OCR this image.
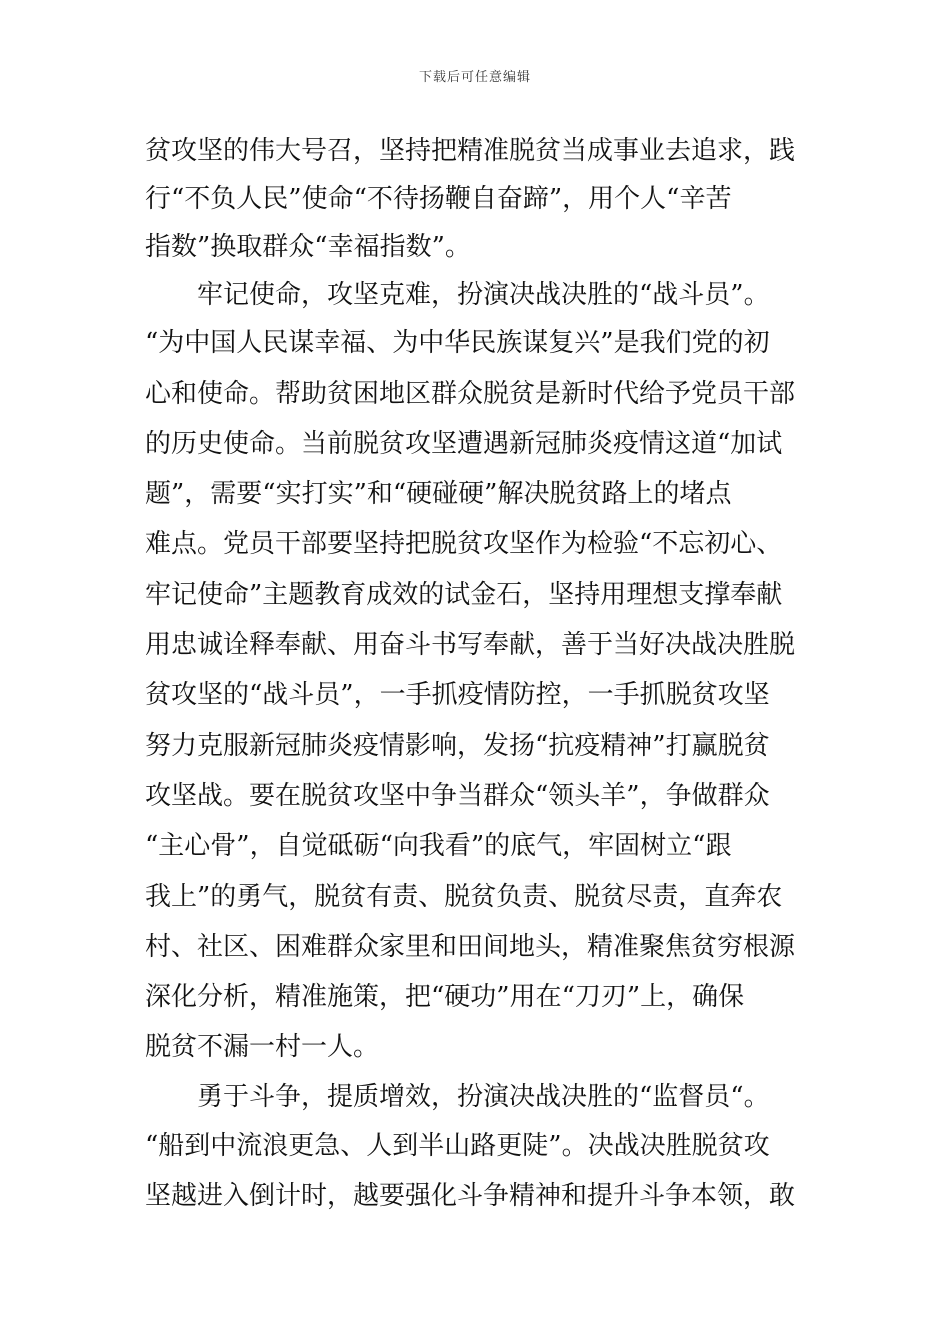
下载后可任意编辑
贫攻坚的伟大号召，坚持把精准脱贫当成事业去追求，践
行“不负人民”使命“不待扬鞭自奋蹄”，用个人“辛苦
指数”换取群众“幸福指数”。
牢记使命，攻坚克难，扮演决战决胜的“战斗员”。
“为中国人民谋幸福、为中华民族谋复兴”是我们党的初
心和使命。帮助贫困地区群众脱贫是新时代给予党员干部
的历史使命。当前脱贫攻坚遭遇新冠肺炎疫情这道“加试
题”，需要“实打实”和“硬碰硬”解决脱贫路上的堵点
难点。党员干部要坚持把脱贫攻坚作为检验“不忘初心、
牢记使命”主题教育成效的试金石，坚持用理想支撑奉献
用忠诚诠释奉献、用奋斗书写奉献，善于当好决战决胜脱
贫攻坚的“战斗员”，一手抓疫情防控，一手抓脱贫攻坚
努力克服新冠肺炎疫情影响，发扬“抗疫精神”打赢脱贫
攻坚战。要在脱贫攻坚中争当群众“领头羊”，争做群众
“主心骨”，自觉砥砺“向我看”的底气，牢固树立“跟
我上”的勇气，脱贫有责、脱贫负责、脱贫尽责，直奔农
村、社区、困难群众家里和田间地头，精准聚焦贫穷根源
深化分析，精准施策，把“硬功”用在“刀刃”上，确保
脱贫不漏一村一人。
勇于斗争，提质增效，扮演决战决胜的“监督员“。
“船到中流浪更急、人到半山路更陡”。决战决胜脱贫攻
坚越进入倒计时，越要强化斗争精神和提升斗争本领，敢
